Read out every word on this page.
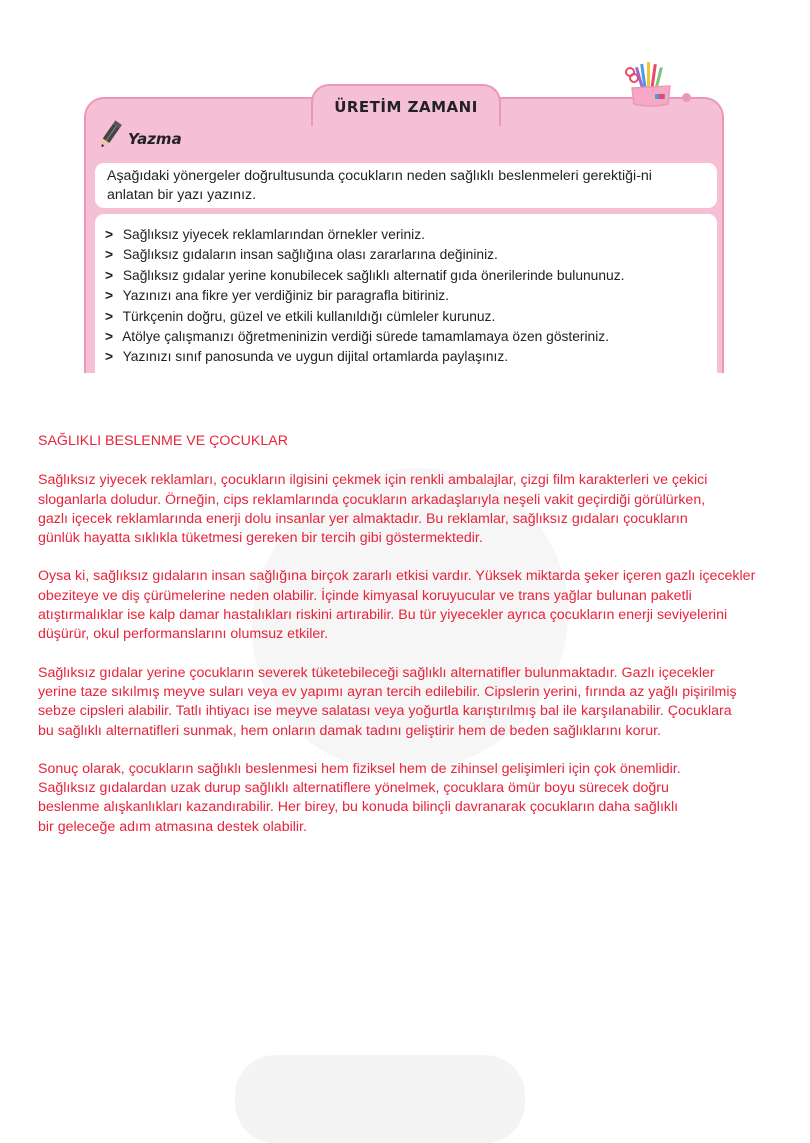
ÜRETİM ZAMANI
Yazma
Aşağıdaki yönergeler doğrultusunda çocukların neden sağlıklı beslenmeleri gerektiği-ni anlatan bir yazı yazınız.
> Sağlıksız yiyecek reklamlarından örnekler veriniz.
> Sağlıksız gıdaların insan sağlığına olası zararlarına değininiz.
> Sağlıksız gıdalar yerine konubilecek sağlıklı alternatif gıda önerilerinde bulununuz.
> Yazınızı ana fikre yer verdiğiniz bir paragrafla bitiriniz.
> Türkçenin doğru, güzel ve etkili kullanıldığı cümleler kurunuz.
> Atölye çalışmanızı öğretmeninizin verdiği sürede tamamlamaya özen gösteriniz.
> Yazınızı sınıf panosunda ve uygun dijital ortamlarda paylaşınız.
SAĞLIKLI BESLENME VE ÇOCUKLAR

Sağlıksız yiyecek reklamları, çocukların ilgisini çekmek için renkli ambalajlar, çizgi film karakterleri ve çekici
sloganlarla doludur. Örneğin, cips reklamlarında çocukların arkadaşlarıyla neşeli vakit geçirdiği görülürken,
gazlı içecek reklamlarında enerji dolu insanlar yer almaktadır. Bu reklamlar, sağlıksız gıdaları çocukların
günlük hayatta sıklıkla tüketmesi gereken bir tercih gibi göstermektedir.

Oysa ki, sağlıksız gıdaların insan sağlığına birçok zararlı etkisi vardır. Yüksek miktarda şeker içeren gazlı içecekler
obeziteye ve diş çürümelerine neden olabilir. İçinde kimyasal koruyucular ve trans yağlar bulunan paketli
atıştırmalıklar ise kalp damar hastalıkları riskini artırabilir. Bu tür yiyecekler ayrıca çocukların enerji seviyelerini
düşürür, okul performanslarını olumsuz etkiler.

Sağlıksız gıdalar yerine çocukların severek tüketebileceği sağlıklı alternatifler bulunmaktadır. Gazlı içecekler
yerine taze sıkılmış meyve suları veya ev yapımı ayran tercih edilebilir. Cipslerin yerini, fırında az yağlı pişirilmiş
sebze cipsleri alabilir. Tatlı ihtiyacı ise meyve salatası veya yoğurtla karıştırılmış bal ile karşılanabilir. Çocuklara
bu sağlıklı alternatifleri sunmak, hem onların damak tadını geliştirir hem de beden sağlıklarını korur.

Sonuç olarak, çocukların sağlıklı beslenmesi hem fiziksel hem de zihinsel gelişimleri için çok önemlidir.
Sağlıksız gıdalardan uzak durup sağlıklı alternatiflere yönelmek, çocuklara ömür boyu sürecek doğru
beslenme alışkanlıkları kazandırabilir. Her birey, bu konuda bilinçli davranarak çocukların daha sağlıklı
bir geleceğe adım atmasına destek olabilir.
